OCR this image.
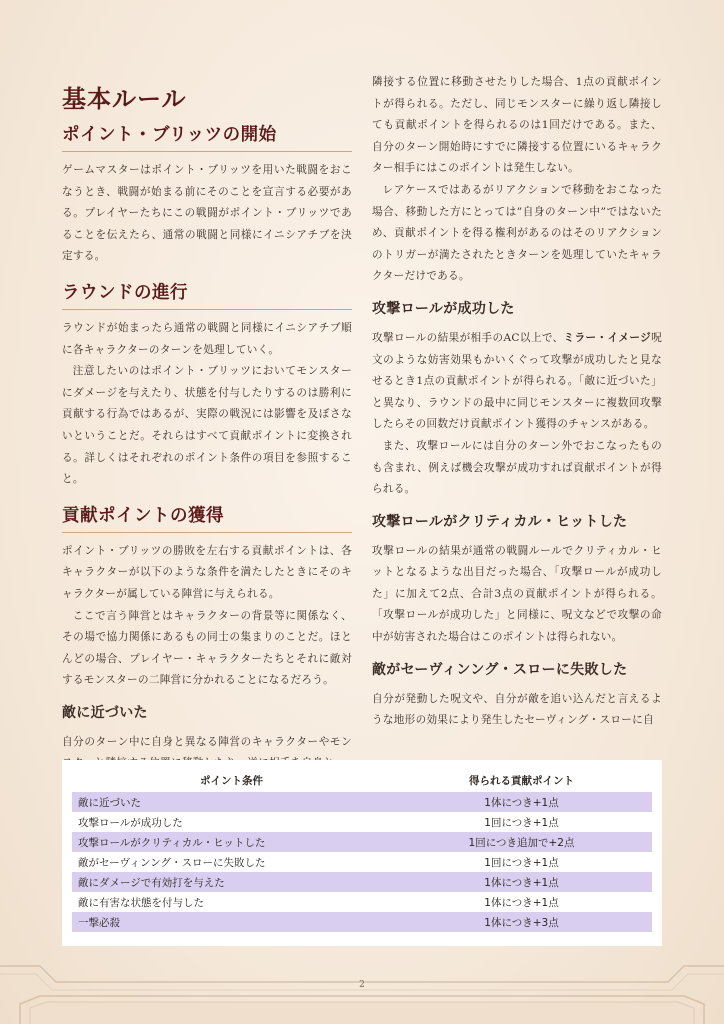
基本ルール
ポイント・ブリッツの開始

ゲームマスターはポイント・ブリッツを用いた戦闘をおこなうとき、戦闘が始まる前にそのことを宣言する必要がある。プレイヤーたちにこの戦闘がポイント・ブリッツであることを伝えたら、通常の戦闘と同様にイニシアチブを決定する。

ラウンドの進行

ラウンドが始まったら通常の戦闘と同様にイニシアチブ順に各キャラクターのターンを処理していく。

注意したいのはポイント・ブリッツにおいてモンスターにダメージを与えたり、状態を付与したりするのは勝利に貢献する行為ではあるが、実際の戦況には影響を及ぼさないということだ。それらはすべて貢献ポイントに変換される。詳しくはそれぞれのポイント条件の項目を参照すること。

貢献ポイントの獲得

ポイント・ブリッツの勝敗を左右する貢献ポイントは、各キャラクターが以下のような条件を満たしたときにそのキャラクターが属している陣営に与えられる。

ここで言う陣営とはキャラクターの背景等に関係なく、その場で協力関係にあるもの同士の集まりのことだ。ほとんどの場合、プレイヤー・キャラクターたちとそれに敵対するモンスターの二陣営に分かれることになるだろう。

敵に近づいた

自分のターン中に自身と異なる陣営のキャラクターやモン

隣接する位置に移動させたりした場合、1点の貢献ポイントが得られる。ただし、同じモンスターに繰り返し隣接しても貢献ポイントを得られるのは1回だけである。また、自分のターン開始時にすでに隣接する位置にいるキャラクター相手にはこのポイントは発生しない。

レアケースではあるがリアクションで移動をおこなった場合、移動した方にとっては”自身のターン中”ではないため、貢献ポイントを得る権利があるのはそのリアクションのトリガーが満たされたときターンを処理していたキャラクターだけである。

攻撃ロールが成功した

攻撃ロールの結果が相手のAC以上で、ミラー・イメージ呪文のような妨害効果もかいくぐって攻撃が成功したと見なせるとき1点の貢献ポイントが得られる。「敵に近づいた」と異なり、ラウンドの最中に同じモンスターに複数回攻撃したらその回数だけ貢献ポイント獲得のチャンスがある。

また、攻撃ロールには自分のターン外でおこなったものも含まれ、例えば機会攻撃が成功すれば貢献ポイントが得られる。

攻撃ロールがクリティカル・ヒットした

攻撃ロールの結果が通常の戦闘ルールでクリティカル・ヒットとなるような出目だった場合、「攻撃ロールが成功した」に加えて2点、合計3点の貢献ポイントが得られる。「攻撃ロールが成功した」と同様に、呪文などで攻撃の命中が妨害された場合はこのポイントは得られない。

敵がセーヴィンング・スローに失敗した

自分が発動した呪文や、自分が敵を追い込んだと言えるような地形の効果により発生したセーヴィング・スローに自

ポイント条件	得られる貢献ポイント
敵に近づいた	1体につき+1点
攻撃ロールが成功した	1回につき+1点
攻撃ロールがクリティカル・ヒットした	1回につき追加で+2点
敵がセーヴィンング・スローに失敗した	1回につき+1点
敵にダメージで有効打を与えた	1体につき+1点
敵に有害な状態を付与した	1体につき+1点
一撃必殺	1体につき+3点
2
